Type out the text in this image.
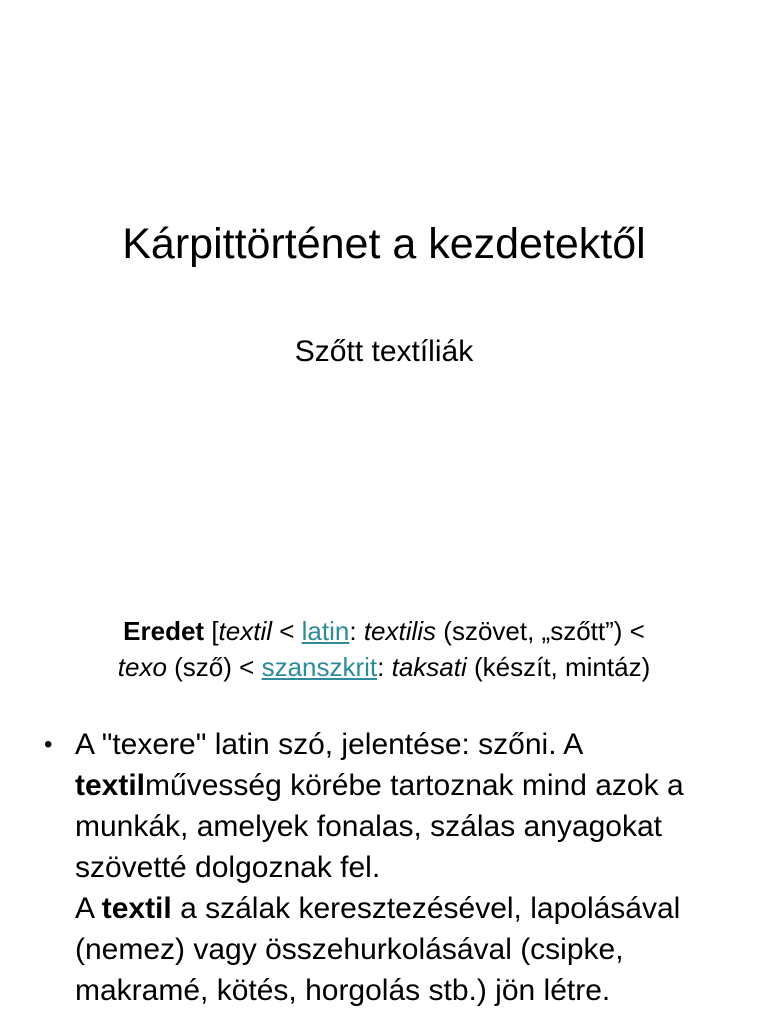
Kárpittörténet a kezdetektől
Szőtt textíliák
Eredet [textil < latin: textilis (szövet, „szőtt”) <
texo (sző) < szanszkrit: taksati (készít, mintáz)
• A "texere" latin szó, jelentése: szőni. A textilművesség körébe tartoznak mind azok a munkák, amelyek fonalas, szálas anyagokat szövetté dolgoznak fel.
A textil a szálak keresztezésével, lapolásával (nemez) vagy összehurkolásával (csipke, makramé, kötés, horgolás stb.) jön létre.
